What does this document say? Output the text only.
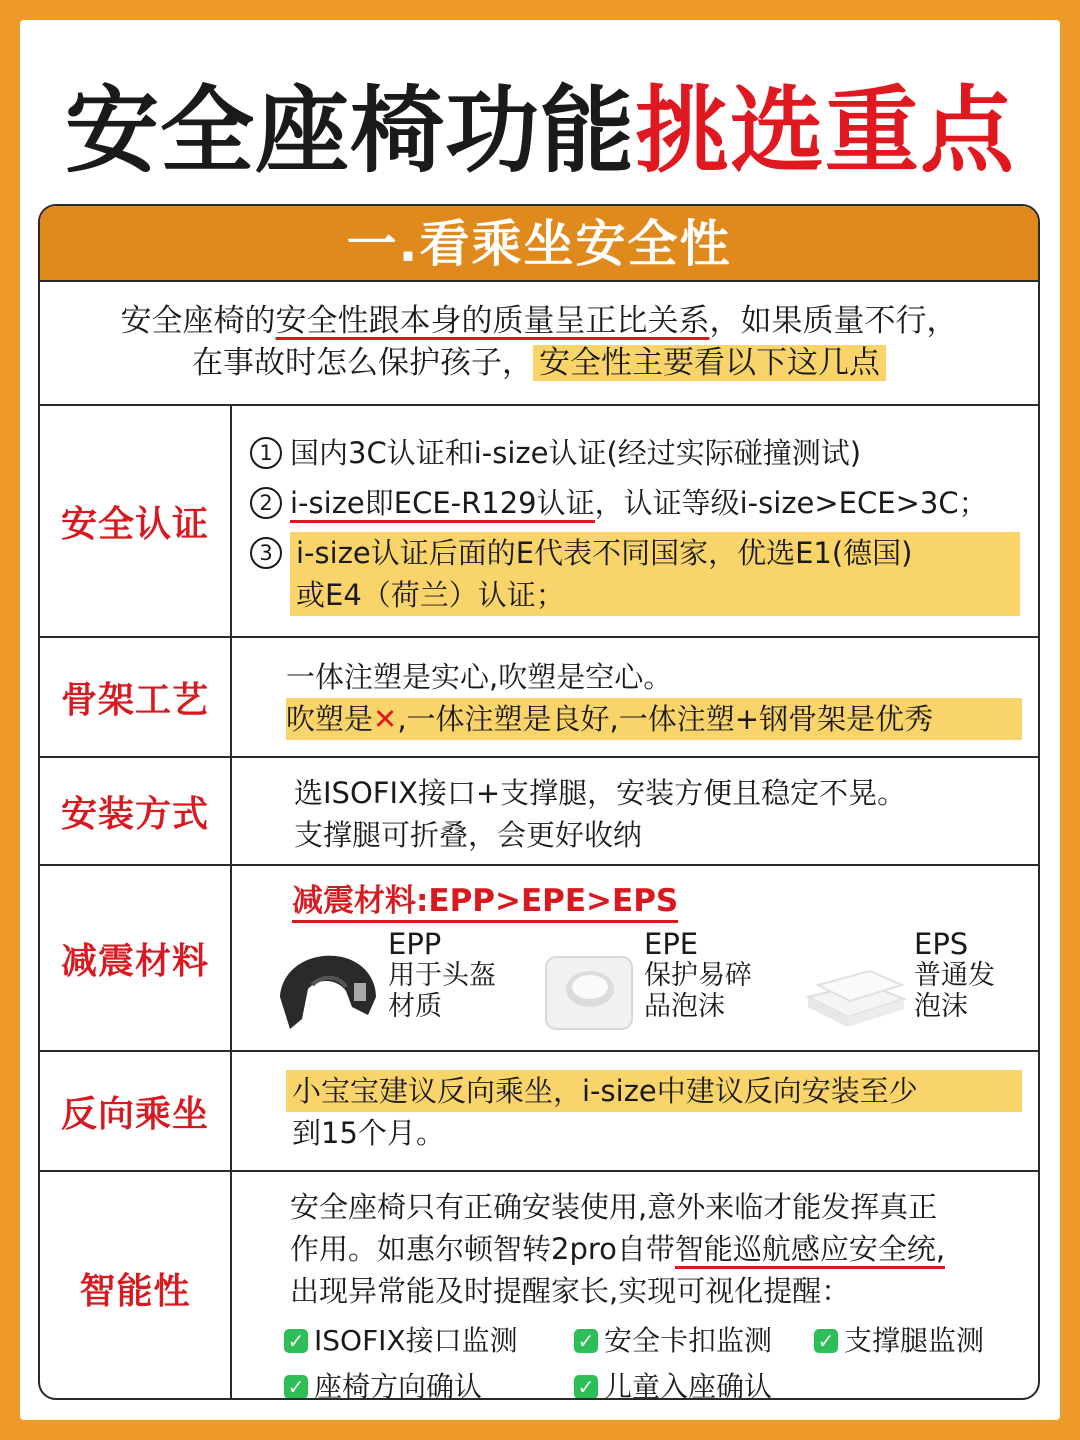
安全座椅功能挑选重点
一.看乘坐安全性
安全座椅的安全性跟本身的质量呈正比关系，如果质量不行，
在事故时怎么保护孩子， 安全性主要看以下这几点
安全认证
1 国内3C认证和i-size认证(经过实际碰撞测试)
2 i-size即ECE-R129认证，认证等级i-size>ECE>3C；
3 i-size认证后面的E代表不同国家，优选E1(德国)
或E4（荷兰）认证；
骨架工艺
一体注塑是实心,吹塑是空心。
吹塑是✕,一体注塑是良好,一体注塑+钢骨架是优秀
安装方式
选ISOFIX接口+支撑腿，安装方便且稳定不晃。
支撑腿可折叠，会更好收纳
减震材料
减震材料:EPP>EPE>EPS
EPP
用于头盔
材质
EPE
保护易碎
品泡沫
EPS
普通发
泡沫
反向乘坐
小宝宝建议反向乘坐，i-size中建议反向安装至少
到15个月。
智能性
安全座椅只有正确安装使用,意外来临才能发挥真正
作用。如惠尔顿智转2pro自带智能巡航感应安全统,
出现异常能及时提醒家长,实现可视化提醒：
✓ ISOFIX接口监测	✓ 安全卡扣监测 ✓ 支撑腿监测
✓ 座椅方向确认	✓ 儿童入座确认
